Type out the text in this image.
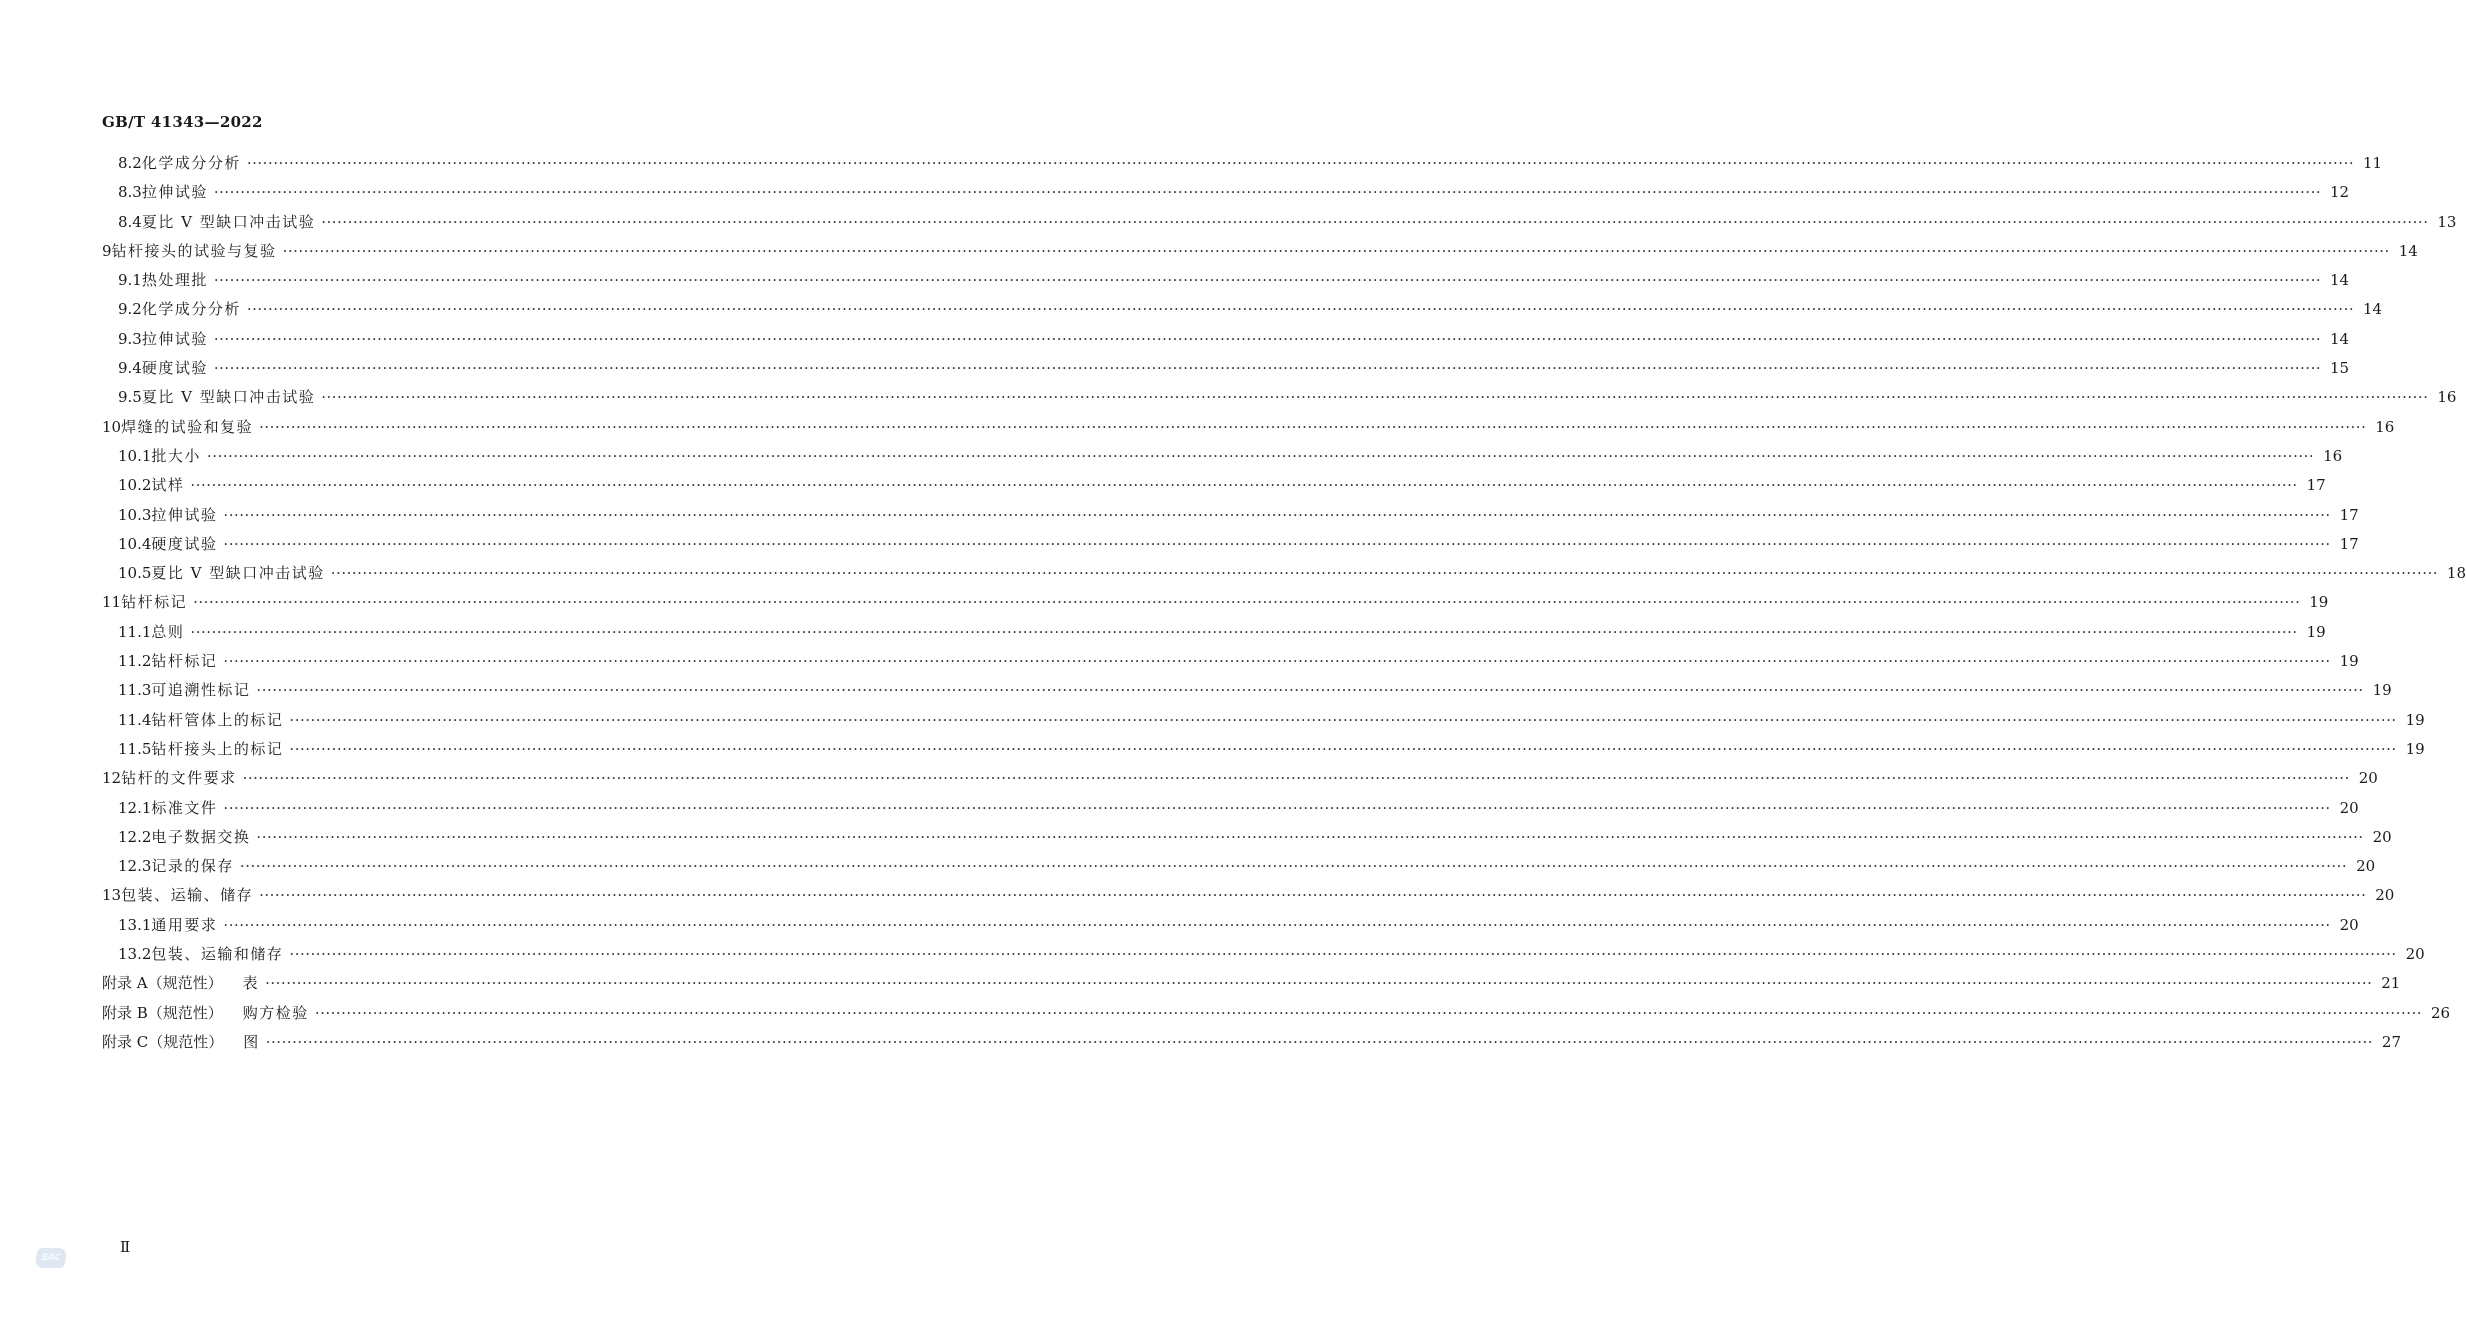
GB/T 41343—2022
8.2 化学成分分析 ················································································································································································································································································································································································································ 11
8.3 拉伸试验 ················································································································································································································································································································································································································ 12
8.4 夏比 V 型缺口冲击试验 ················································································································································································································································································································································································································ 13
9 钻杆接头的试验与复验 ················································································································································································································································································································································································································ 14
9.1 热处理批 ················································································································································································································································································································································································································ 14
9.2 化学成分分析 ················································································································································································································································································································································································································ 14
9.3 拉伸试验 ················································································································································································································································································································································································································ 14
9.4 硬度试验 ················································································································································································································································································································································································································ 15
9.5 夏比 V 型缺口冲击试验 ················································································································································································································································································································································································································ 16
10 焊缝的试验和复验 ················································································································································································································································································································································································································ 16
10.1 批大小 ················································································································································································································································································································································································································ 16
10.2 试样 ················································································································································································································································································································································································································ 17
10.3 拉伸试验 ················································································································································································································································································································································································································ 17
10.4 硬度试验 ················································································································································································································································································································································································································ 17
10.5 夏比 V 型缺口冲击试验 ················································································································································································································································································································································································································ 18
11 钻杆标记 ················································································································································································································································································································································································································ 19
11.1 总则 ················································································································································································································································································································································································································ 19
11.2 钻杆标记 ················································································································································································································································································································································································································ 19
11.3 可追溯性标记 ················································································································································································································································································································································································································ 19
11.4 钻杆管体上的标记 ················································································································································································································································································································································································································ 19
11.5 钻杆接头上的标记 ················································································································································································································································································································································································································ 19
12 钻杆的文件要求 ················································································································································································································································································································································································································ 20
12.1 标准文件 ················································································································································································································································································································································································································ 20
12.2 电子数据交换 ················································································································································································································································································································································································································ 20
12.3 记录的保存 ················································································································································································································································································································································································································ 20
13 包装、运输、储存 ················································································································································································································································································································································································································ 20
13.1 通用要求 ················································································································································································································································································································································································································ 20
13.2 包装、运输和储存 ················································································································································································································································································································································································································ 20
附录 A（规范性） 表 ················································································································································································································································································································································································································ 21
附录 B（规范性） 购方检验 ················································································································································································································································································································································································································ 26
附录 C（规范性） 图 ················································································································································································································································································································································································································ 27
Ⅱ
SAC
